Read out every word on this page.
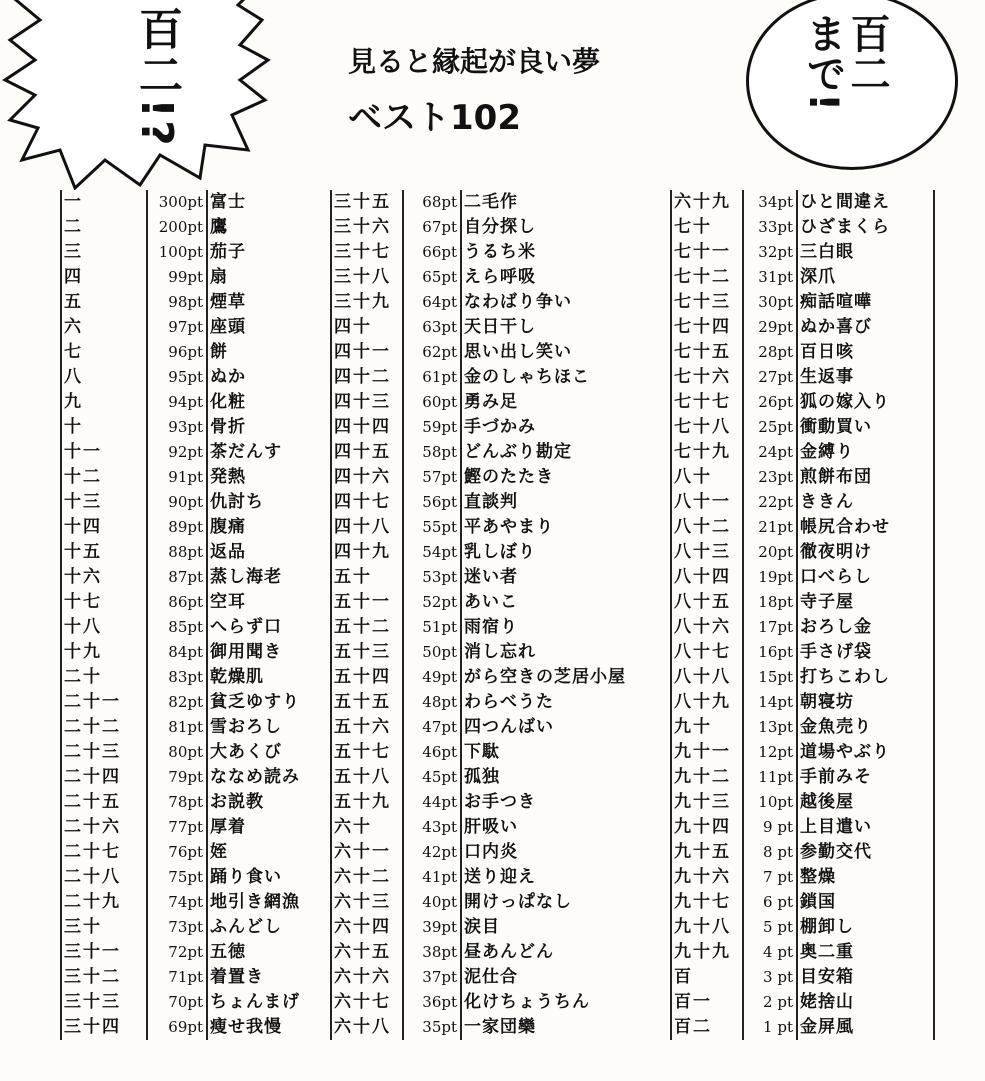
百二!?	百二
まで!
見ると縁起が良い夢
ベスト102
一	300pt	富士	三十五	68pt	二毛作	六十九	34pt	ひと間違え
二	200pt	鷹	三十六	67pt	自分探し	七十	33pt	ひざまくら
三	100pt	茄子	三十七	66pt	うるち米	七十一	32pt	三白眼
四	99pt	扇	三十八	65pt	えら呼吸	七十二	31pt	深爪
五	98pt	煙草	三十九	64pt	なわばり争い	七十三	30pt	痴話喧嘩
六	97pt	座頭	四十	63pt	天日干し	七十四	29pt	ぬか喜び
七	96pt	餅	四十一	62pt	思い出し笑い	七十五	28pt	百日咳
八	95pt	ぬか	四十二	61pt	金のしゃちほこ	七十六	27pt	生返事
九	94pt	化粧	四十三	60pt	勇み足	七十七	26pt	狐の嫁入り
十	93pt	骨折	四十四	59pt	手づかみ	七十八	25pt	衝動買い
十一	92pt	茶だんす	四十五	58pt	どんぶり勘定	七十九	24pt	金縛り
十二	91pt	発熱	四十六	57pt	鰹のたたき	八十	23pt	煎餅布団
十三	90pt	仇討ち	四十七	56pt	直談判	八十一	22pt	ききん
十四	89pt	腹痛	四十八	55pt	平あやまり	八十二	21pt	帳尻合わせ
十五	88pt	返品	四十九	54pt	乳しぼり	八十三	20pt	徹夜明け
十六	87pt	蒸し海老	五十	53pt	迷い者	八十四	19pt	口べらし
十七	86pt	空耳	五十一	52pt	あいこ	八十五	18pt	寺子屋
十八	85pt	へらず口	五十二	51pt	雨宿り	八十六	17pt	おろし金
十九	84pt	御用聞き	五十三	50pt	消し忘れ	八十七	16pt	手さげ袋
二十	83pt	乾燥肌	五十四	49pt	がら空きの芝居小屋	八十八	15pt	打ちこわし
二十一	82pt	貧乏ゆすり	五十五	48pt	わらべうた	八十九	14pt	朝寝坊
二十二	81pt	雪おろし	五十六	47pt	四つんばい	九十	13pt	金魚売り
二十三	80pt	大あくび	五十七	46pt	下駄	九十一	12pt	道場やぶり
二十四	79pt	ななめ読み	五十八	45pt	孤独	九十二	11pt	手前みそ
二十五	78pt	お説教	五十九	44pt	お手つき	九十三	10pt	越後屋
二十六	77pt	厚着	六十	43pt	肝吸い	九十四	9 pt	上目遣い
二十七	76pt	姪	六十一	42pt	口内炎	九十五	8 pt	参勤交代
二十八	75pt	踊り食い	六十二	41pt	送り迎え	九十六	7 pt	整燥
二十九	74pt	地引き網漁	六十三	40pt	開けっぱなし	九十七	6 pt	鎖国
三十	73pt	ふんどし	六十四	39pt	涙目	九十八	5 pt	棚卸し
三十一	72pt	五徳	六十五	38pt	昼あんどん	九十九	4 pt	奥二重
三十二	71pt	着置き	六十六	37pt	泥仕合	百	3 pt	目安箱
三十三	70pt	ちょんまげ	六十七	36pt	化けちょうちん	百一	2 pt	姥捨山
三十四	69pt	瘦せ我慢	六十八	35pt	一家団欒	百二	1 pt	金屏風
